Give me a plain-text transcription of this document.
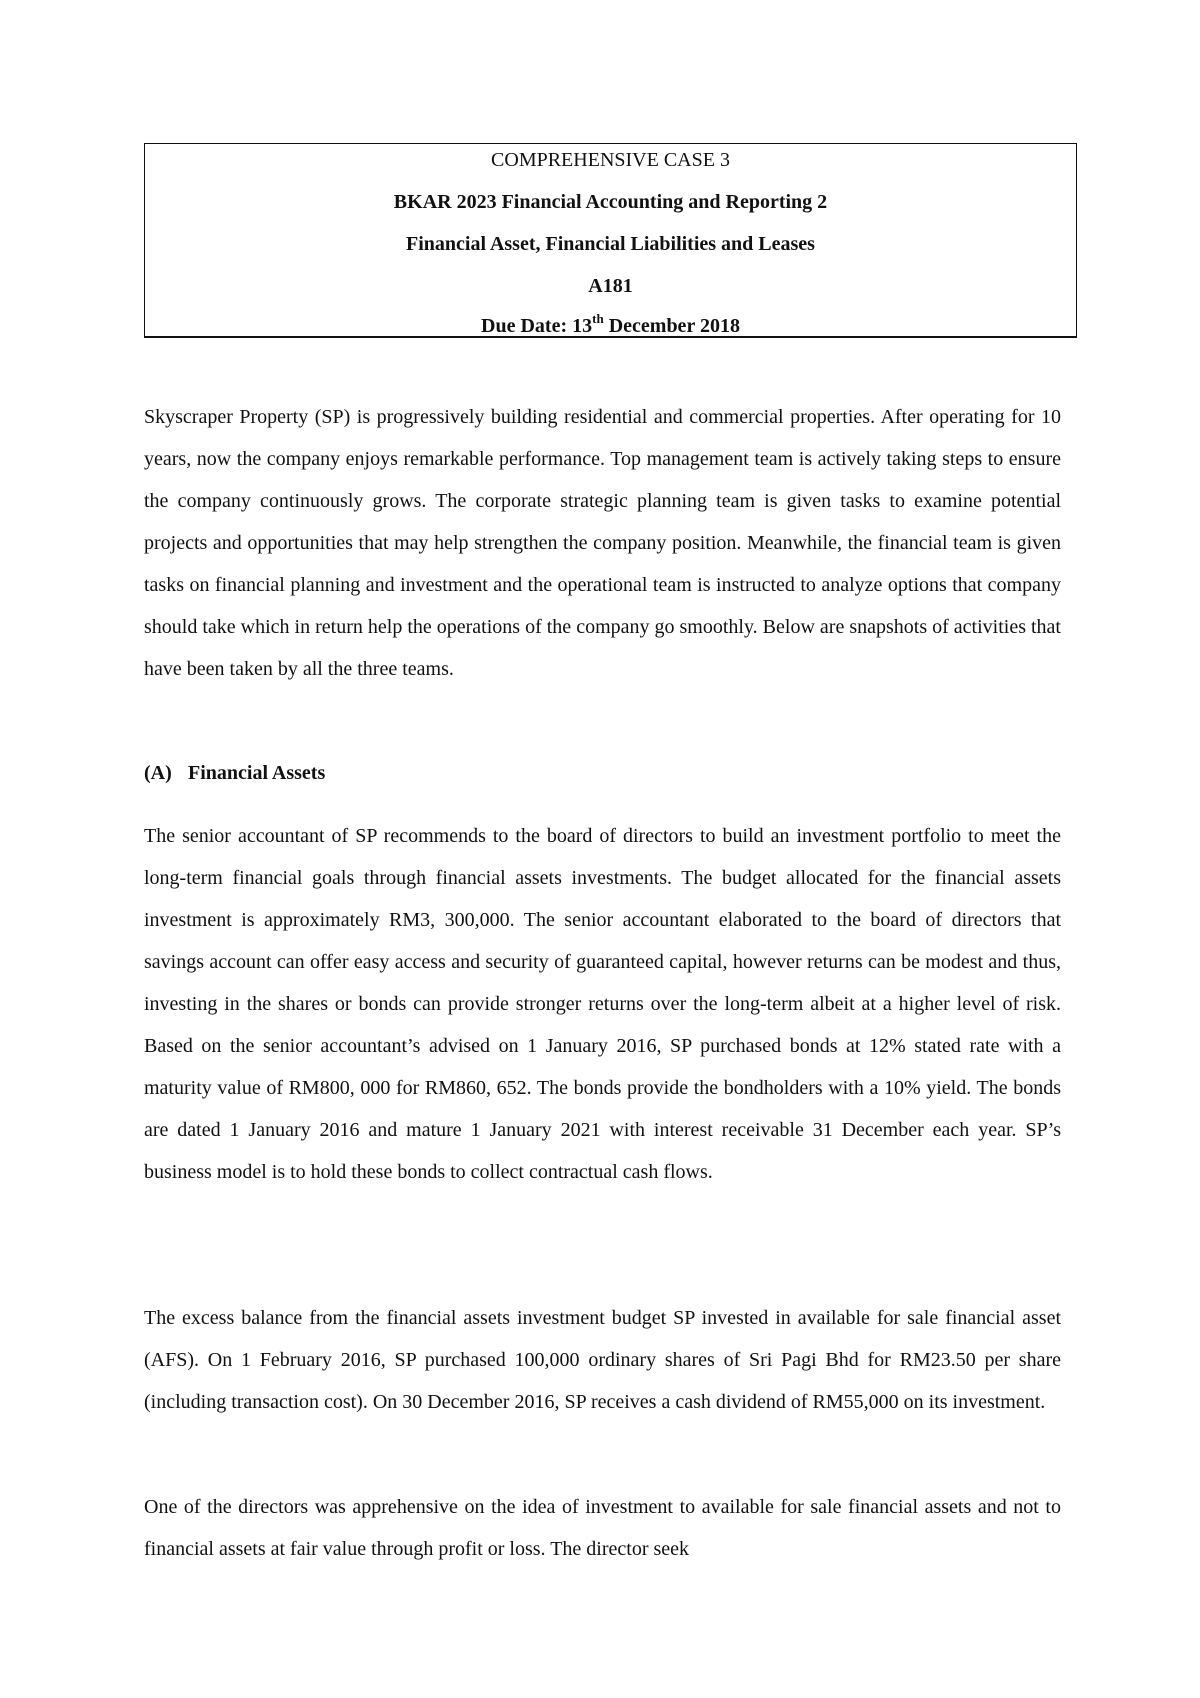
COMPREHENSIVE CASE 3
BKAR 2023 Financial Accounting and Reporting 2
Financial Asset, Financial Liabilities and Leases
A181
Due Date: 13th December 2018

Skyscraper Property (SP) is progressively building residential and commercial properties. After operating for 10 years, now the company enjoys remarkable performance. Top management team is actively taking steps to ensure the company continuously grows. The corporate strategic planning team is given tasks to examine potential projects and opportunities that may help strengthen the company position. Meanwhile, the financial team is given tasks on financial planning and investment and the operational team is instructed to analyze options that company should take which in return help the operations of the company go smoothly. Below are snapshots of activities that have been taken by all the three teams.

(A) Financial Assets

The senior accountant of SP recommends to the board of directors to build an investment portfolio to meet the long-term financial goals through financial assets investments. The budget allocated for the financial assets investment is approximately RM3, 300,000. The senior accountant elaborated to the board of directors that savings account can offer easy access and security of guaranteed capital, however returns can be modest and thus, investing in the shares or bonds can provide stronger returns over the long-term albeit at a higher level of risk. Based on the senior accountant’s advised on 1 January 2016, SP purchased bonds at 12% stated rate with a maturity value of RM800, 000 for RM860, 652. The bonds provide the bondholders with a 10% yield. The bonds are dated 1 January 2016 and mature 1 January 2021 with interest receivable 31 December each year. SP’s business model is to hold these bonds to collect contractual cash flows.

The excess balance from the financial assets investment budget SP invested in available for sale financial asset (AFS). On 1 February 2016, SP purchased 100,000 ordinary shares of Sri Pagi Bhd for RM23.50 per share (including transaction cost). On 30 December 2016, SP receives a cash dividend of RM55,000 on its investment.

One of the directors was apprehensive on the idea of investment to available for sale financial assets and not to financial assets at fair value through profit or loss. The director seek
